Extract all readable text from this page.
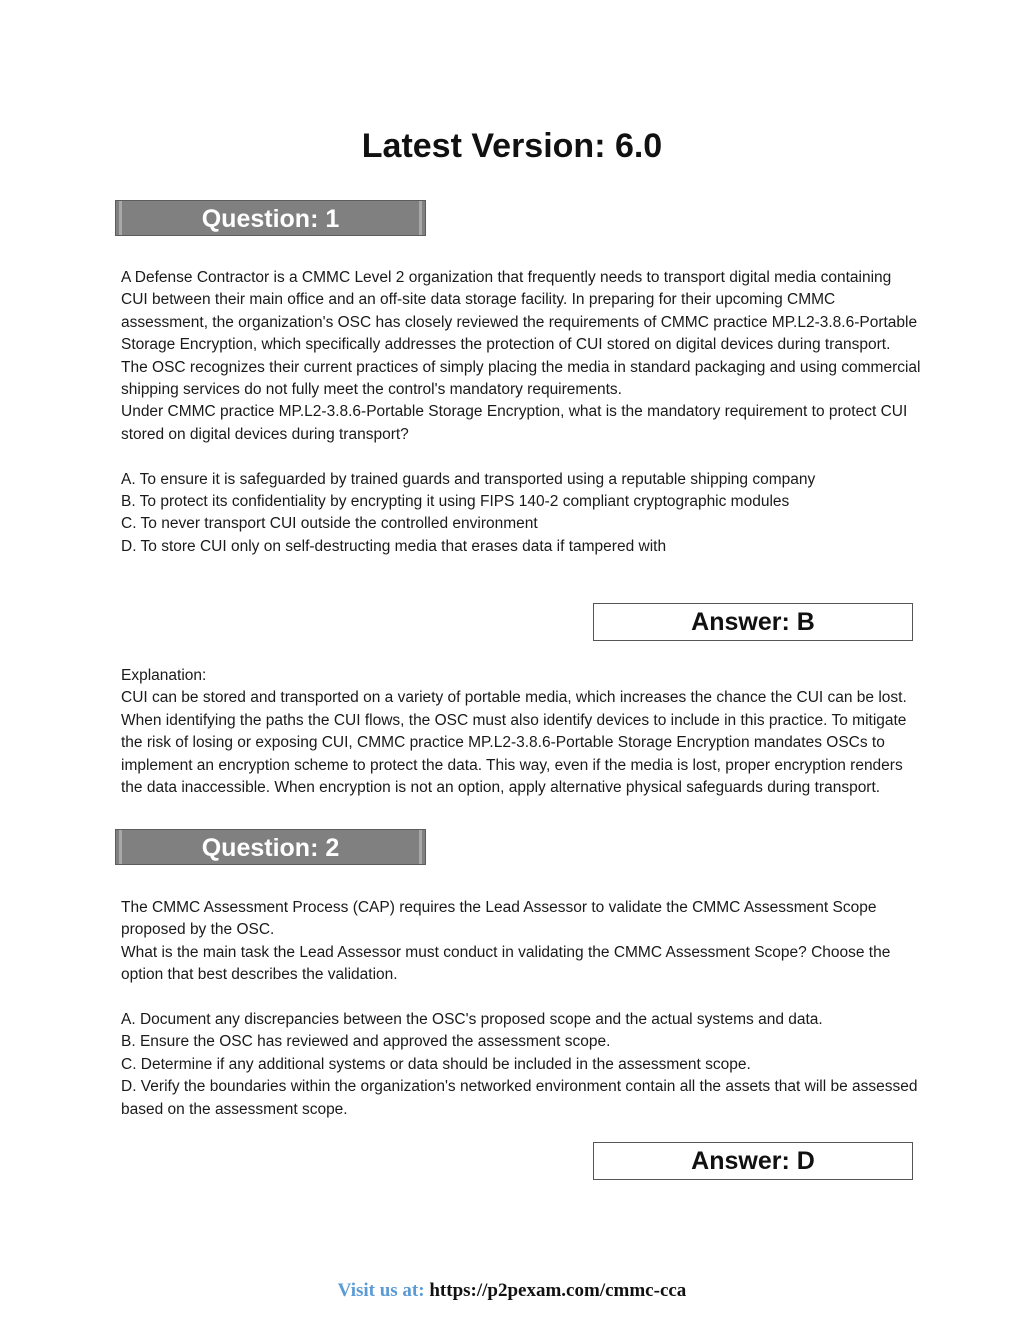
Latest Version: 6.0
Question: 1

A Defense Contractor is a CMMC Level 2 organization that frequently needs to transport digital media containing CUI between their main office and an off-site data storage facility. In preparing for their upcoming CMMC assessment, the organization's OSC has closely reviewed the requirements of CMMC practice MP.L2-3.8.6-Portable Storage Encryption, which specifically addresses the protection of CUI stored on digital devices during transport. The OSC recognizes their current practices of simply placing the media in standard packaging and using commercial shipping services do not fully meet the control's mandatory requirements.

Under CMMC practice MP.L2-3.8.6-Portable Storage Encryption, what is the mandatory requirement to protect CUI stored on digital devices during transport?

A. To ensure it is safeguarded by trained guards and transported using a reputable shipping company

B. To protect its confidentiality by encrypting it using FIPS 140-2 compliant cryptographic modules

C. To never transport CUI outside the controlled environment

D. To store CUI only on self-destructing media that erases data if tampered with

Answer: B

Explanation:

CUI can be stored and transported on a variety of portable media, which increases the chance the CUI can be lost. When identifying the paths the CUI flows, the OSC must also identify devices to include in this practice. To mitigate the risk of losing or exposing CUI, CMMC practice MP.L2-3.8.6-Portable Storage Encryption mandates OSCs to implement an encryption scheme to protect the data. This way, even if the media is lost, proper encryption renders the data inaccessible. When encryption is not an option, apply alternative physical safeguards during transport.

Question: 2

The CMMC Assessment Process (CAP) requires the Lead Assessor to validate the CMMC Assessment Scope proposed by the OSC.

What is the main task the Lead Assessor must conduct in validating the CMMC Assessment Scope? Choose the option that best describes the validation.

A. Document any discrepancies between the OSC's proposed scope and the actual systems and data.

B. Ensure the OSC has reviewed and approved the assessment scope.

C. Determine if any additional systems or data should be included in the assessment scope.

D. Verify the boundaries within the organization's networked environment contain all the assets that will be assessed based on the assessment scope.

Answer: D
Visit us at: https://p2pexam.com/cmmc-cca
